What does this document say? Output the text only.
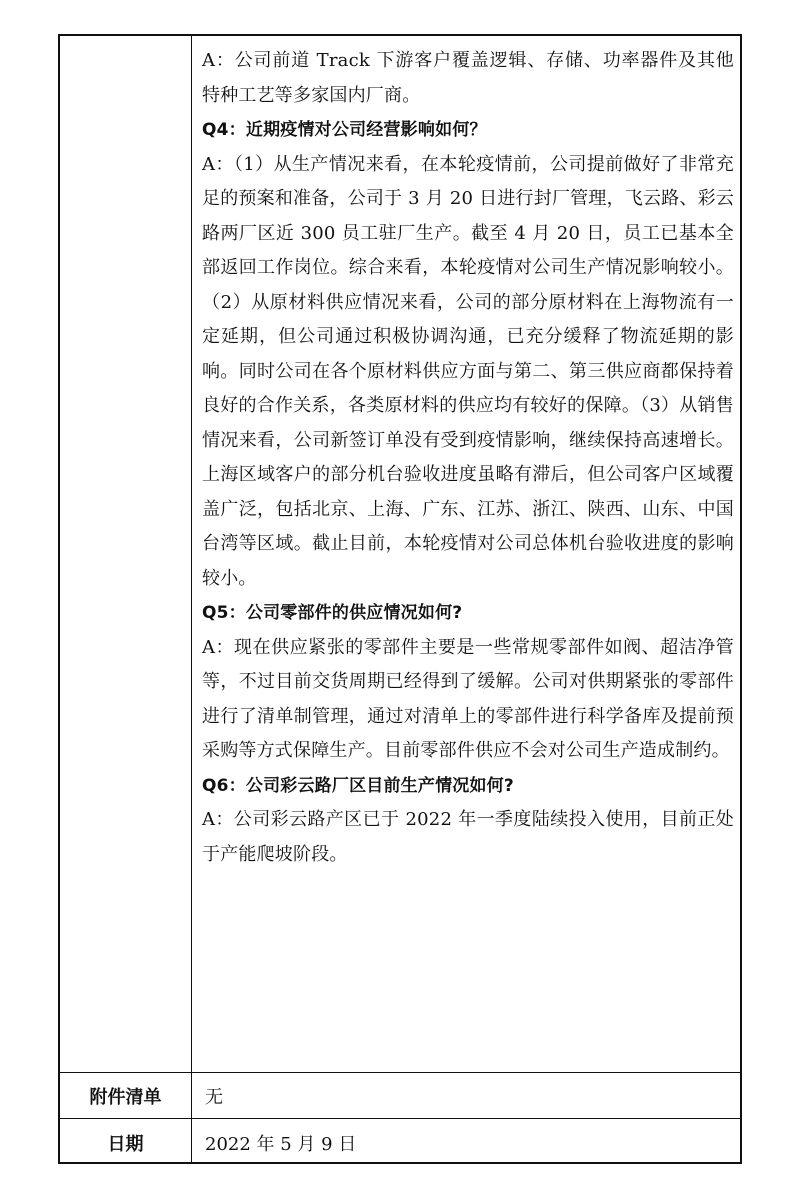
A：公司前道 Track 下游客户覆盖逻辑、存储、功率器件及其他特种工艺等多家国内厂商。

Q4：近期疫情对公司经营影响如何？

A：（1）从生产情况来看，在本轮疫情前，公司提前做好了非常充足的预案和准备，公司于 3 月 20 日进行封厂管理，飞云路、彩云路两厂区近 300 员工驻厂生产。截至 4 月 20 日，员工已基本全部返回工作岗位。综合来看，本轮疫情对公司生产情况影响较小。 （2）从原材料供应情况来看，公司的部分原材料在上海物流有一定延期，但公司通过积极协调沟通，已充分缓释了物流延期的影响。同时公司在各个原材料供应方面与第二、第三供应商都保持着良好的合作关系，各类原材料的供应均有较好的保障。（3）从销售情况来看，公司新签订单没有受到疫情影响，继续保持高速增长。上海区域客户的部分机台验收进度虽略有滞后，但公司客户区域覆盖广泛，包括北京、上海、广东、江苏、浙江、陕西、山东、中国台湾等区域。截止目前，本轮疫情对公司总体机台验收进度的影响较小。

Q5：公司零部件的供应情况如何?

A：现在供应紧张的零部件主要是一些常规零部件如阀、超洁净管等，不过目前交货周期已经得到了缓解。公司对供期紧张的零部件进行了清单制管理，通过对清单上的零部件进行科学备库及提前预采购等方式保障生产。目前零部件供应不会对公司生产造成制约。

Q6：公司彩云路厂区目前生产情况如何?

A：公司彩云路产区已于 2022 年一季度陆续投入使用，目前正处于产能爬坡阶段。

附件清单	无
日期	2022 年 5 月 9 日
